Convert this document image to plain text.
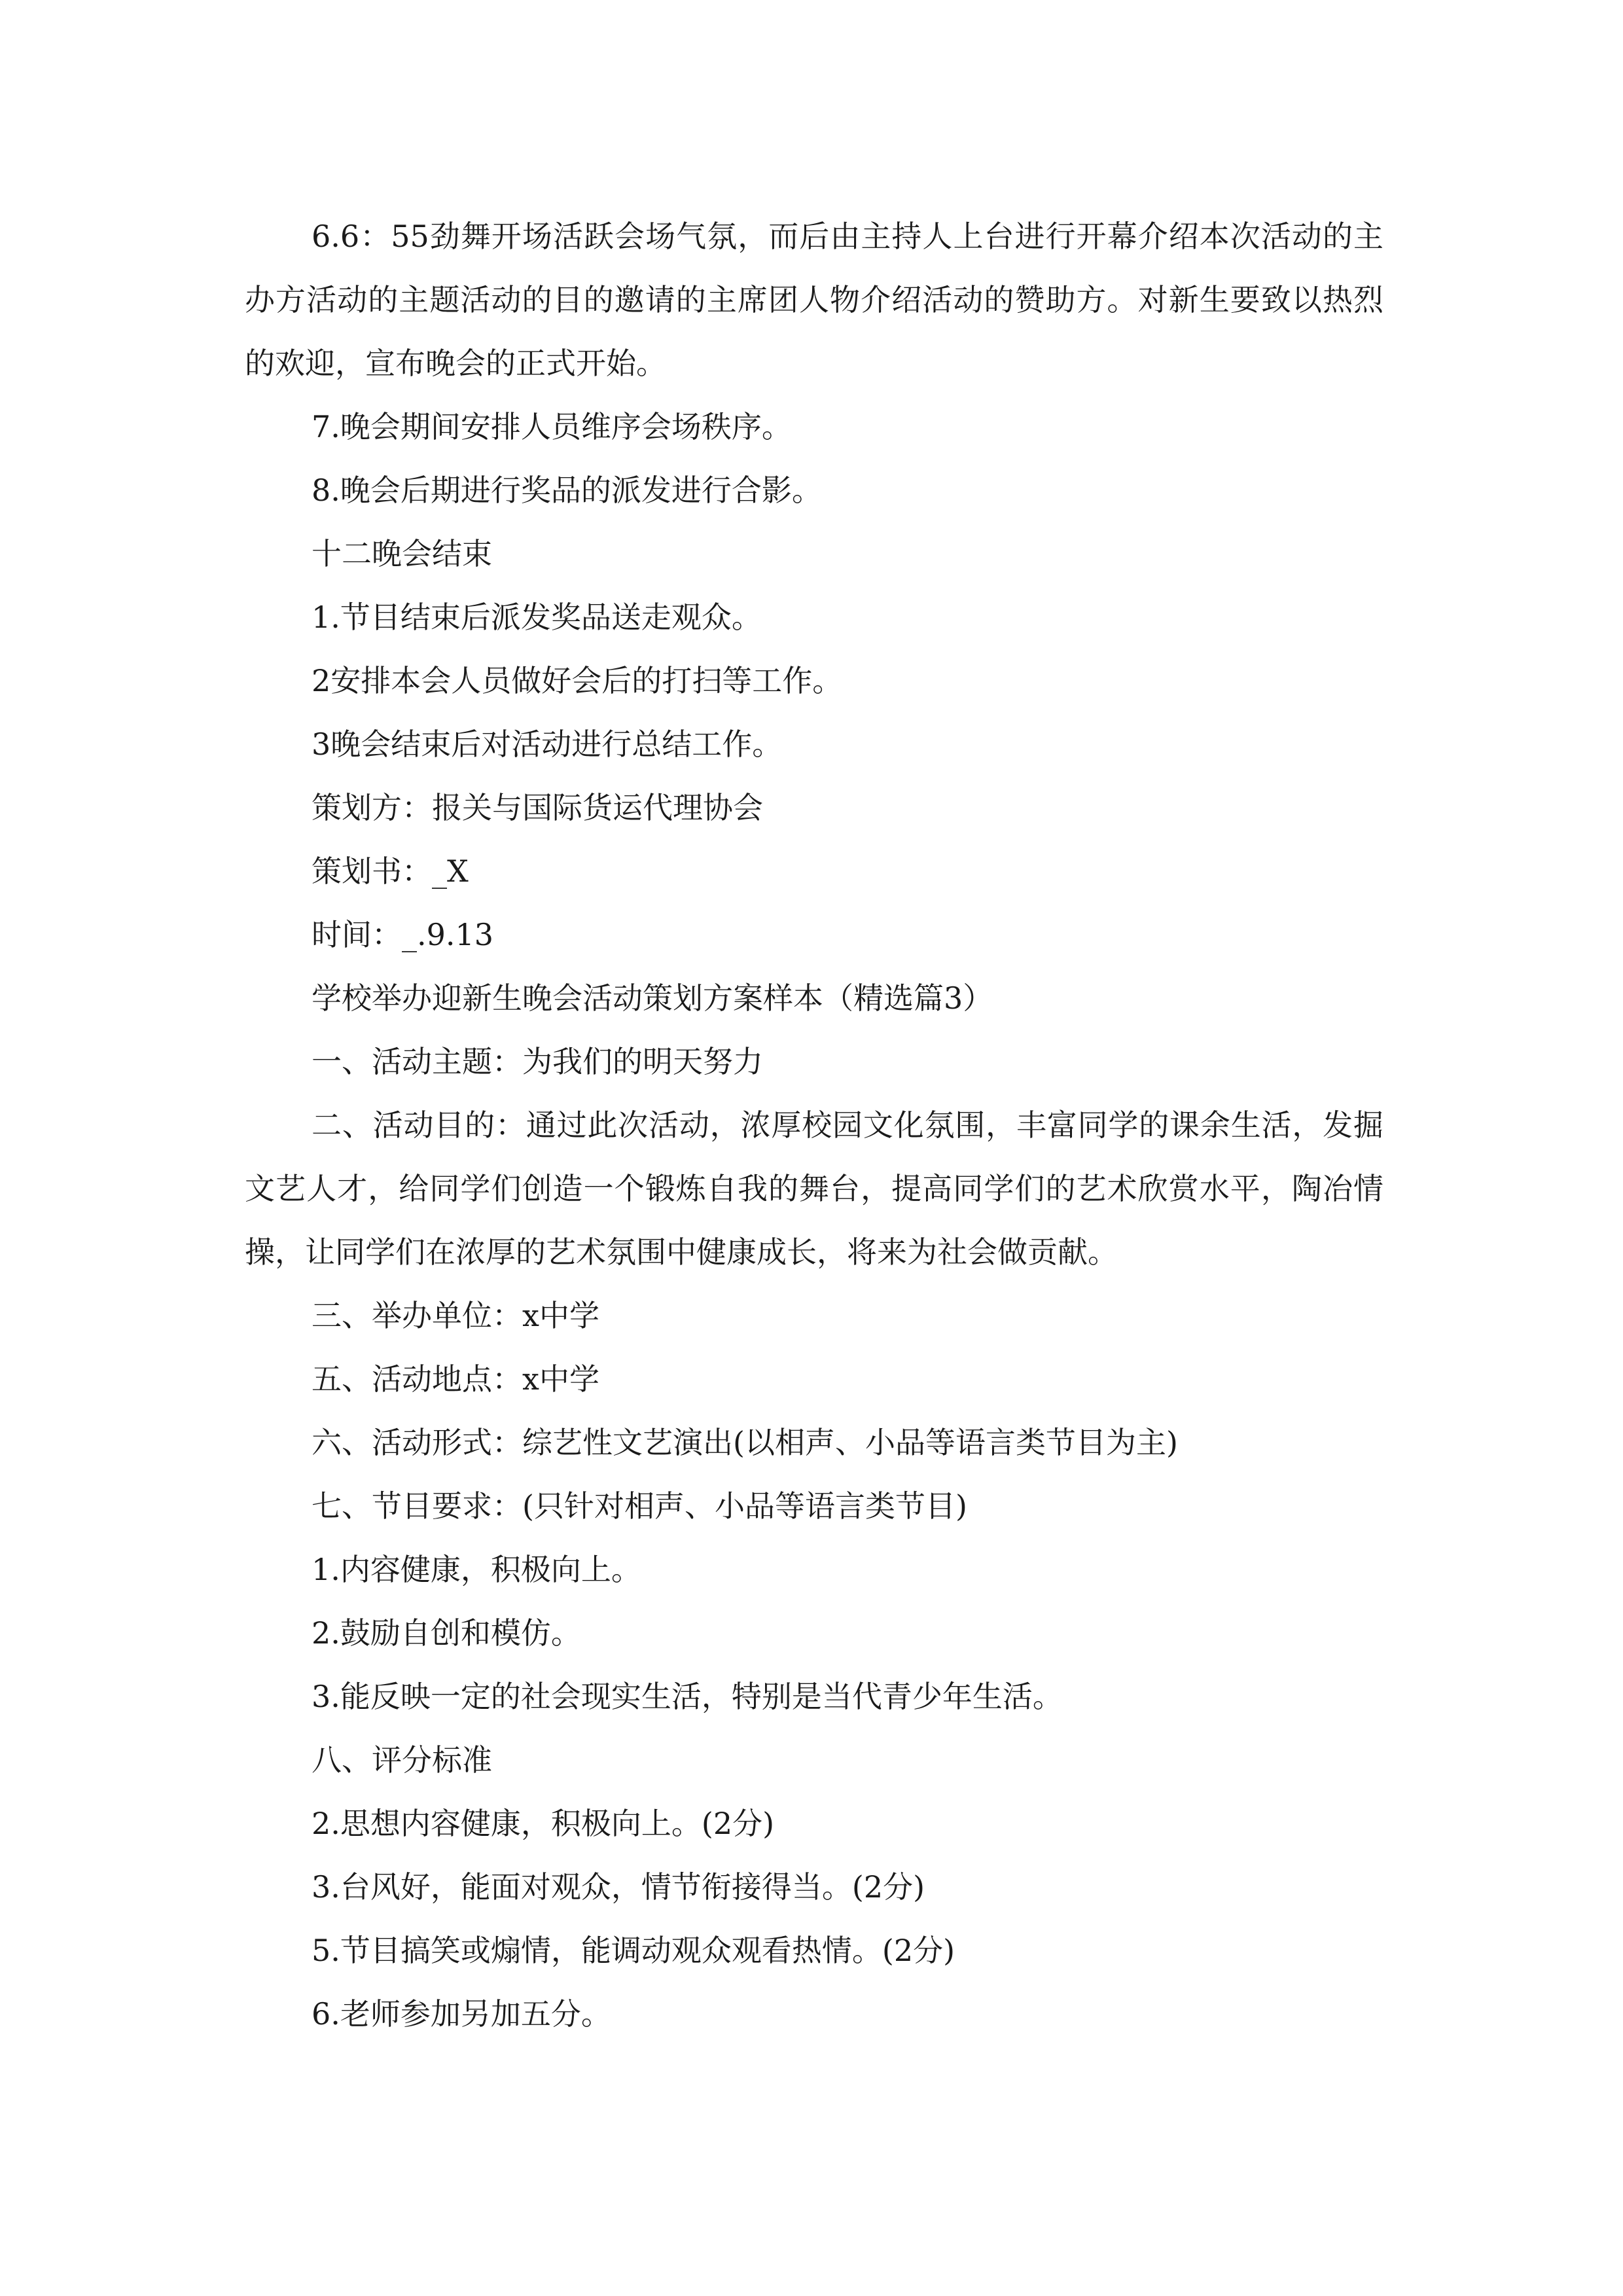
6.6：55劲舞开场活跃会场气氛，而后由主持人上台进行开幕介绍本次活动的主办方活动的主题活动的目的邀请的主席团人物介绍活动的赞助方。对新生要致以热烈的欢迎，宣布晚会的正式开始。

7.晚会期间安排人员维序会场秩序。

8.晚会后期进行奖品的派发进行合影。

十二晚会结束

1.节目结束后派发奖品送走观众。

2安排本会人员做好会后的打扫等工作。

3晚会结束后对活动进行总结工作。

策划方：报关与国际货运代理协会

策划书：_X

时间：_.9.13

学校举办迎新生晚会活动策划方案样本（精选篇3）

一、活动主题：为我们的明天努力

二、活动目的：通过此次活动，浓厚校园文化氛围，丰富同学的课余生活，发掘文艺人才，给同学们创造一个锻炼自我的舞台，提高同学们的艺术欣赏水平，陶冶情操，让同学们在浓厚的艺术氛围中健康成长，将来为社会做贡献。

三、举办单位：x中学

五、活动地点：x中学

六、活动形式：综艺性文艺演出(以相声、小品等语言类节目为主)

七、节目要求：(只针对相声、小品等语言类节目)

1.内容健康，积极向上。

2.鼓励自创和模仿。

3.能反映一定的社会现实生活，特别是当代青少年生活。

八、评分标准

2.思想内容健康，积极向上。(2分)

3.台风好，能面对观众，情节衔接得当。(2分)

5.节目搞笑或煽情，能调动观众观看热情。(2分)

6.老师参加另加五分。
